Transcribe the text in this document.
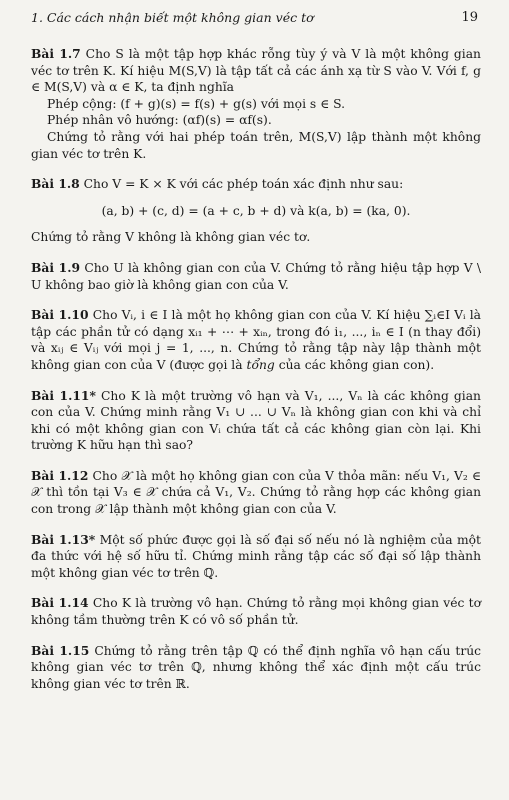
1. Các cách nhận biết một không gian véc tơ	19

Bài 1.7 Cho S là một tập hợp khác rỗng tùy ý và V là một không gian véc tơ trên K. Kí hiệu M(S,V) là tập tất cả các ánh xạ từ S vào V. Với f, g ∈ M(S,V) và α ∈ K, ta định nghĩa

Phép cộng: (f + g)(s) = f(s) + g(s) với mọi s ∈ S.

Phép nhân vô hướng: (αf)(s) = αf(s).

Chứng tỏ rằng với hai phép toán trên, M(S,V) lập thành một không gian véc tơ trên K.

Bài 1.8 Cho V = K × K với các phép toán xác định như sau:

(a, b) + (c, d) = (a + c, b + d) và k(a, b) = (ka, 0).

Chứng tỏ rằng V không là không gian véc tơ.

Bài 1.9 Cho U là không gian con của V. Chứng tỏ rằng hiệu tập hợp V \ U không bao giờ là không gian con của V.

Bài 1.10 Cho Vᵢ, i ∈ I là một họ không gian con của V. Kí hiệu ∑ᵢ∈I Vᵢ là tập các phần tử có dạng xᵢ₁ + ⋯ + xᵢₙ, trong đó i₁, ..., iₙ ∈ I (n thay đổi) và xᵢⱼ ∈ Vᵢⱼ với mọi j = 1, ..., n. Chứng tỏ rằng tập này lập thành một không gian con của V (được gọi là tổng của các không gian con).

Bài 1.11* Cho K là một trường vô hạn và V₁, ..., Vₙ là các không gian con của V. Chứng minh rằng V₁ ∪ ... ∪ Vₙ là không gian con khi và chỉ khi có một không gian con Vᵢ chứa tất cả các không gian còn lại. Khi trường K hữu hạn thì sao?

Bài 1.12 Cho 𝒳 là một họ không gian con của V thỏa mãn: nếu V₁, V₂ ∈ 𝒳 thì tồn tại V₃ ∈ 𝒳 chứa cả V₁, V₂. Chứng tỏ rằng hợp các không gian con trong 𝒳 lập thành một không gian con của V.

Bài 1.13* Một số phức được gọi là số đại số nếu nó là nghiệm của một đa thức với hệ số hữu tỉ. Chứng minh rằng tập các số đại số lập thành một không gian véc tơ trên ℚ.

Bài 1.14 Cho K là trường vô hạn. Chứng tỏ rằng mọi không gian véc tơ không tầm thường trên K có vô số phần tử.

Bài 1.15 Chứng tỏ rằng trên tập ℚ có thể định nghĩa vô hạn cấu trúc không gian véc tơ trên ℚ, nhưng không thể xác định một cấu trúc không gian véc tơ trên ℝ.
